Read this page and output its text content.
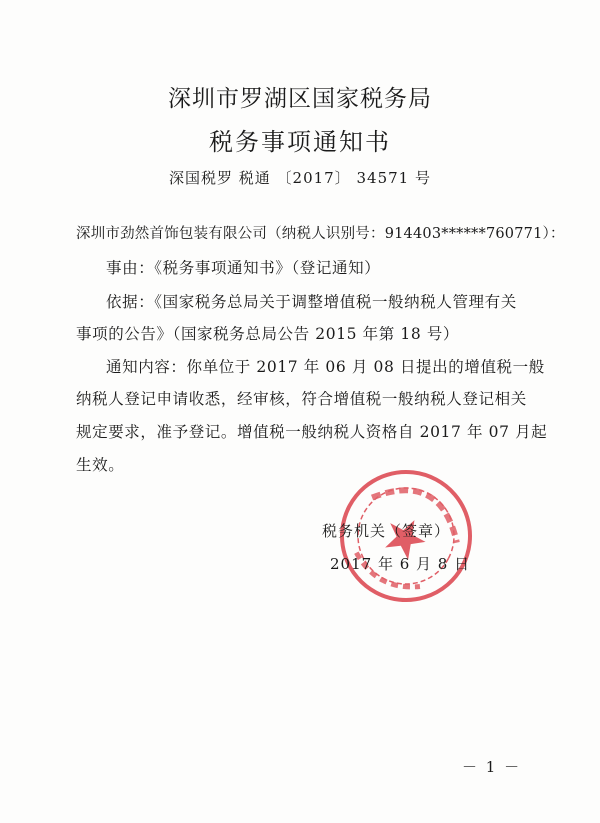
深圳市罗湖区国家税务局
税务事项通知书
深国税罗 税通 〔2017〕 34571 号
深圳市劲然首饰包装有限公司（纳税人识别号：914403******760771）：
事由：《税务事项通知书》（登记通知）
依据：《国家税务总局关于调整增值税一般纳税人管理有关
事项的公告》（国家税务总局公告 2015 年第 18 号）
通知内容：你单位于 2017 年 06 月 08 日提出的增值税一般
纳税人登记申请收悉，经审核，符合增值税一般纳税人登记相关
规定要求，准予登记。增值税一般纳税人资格自 2017 年 07 月起
生效。
税务机关（签章）
2017 年 6 月 8 日
－ 1 －
